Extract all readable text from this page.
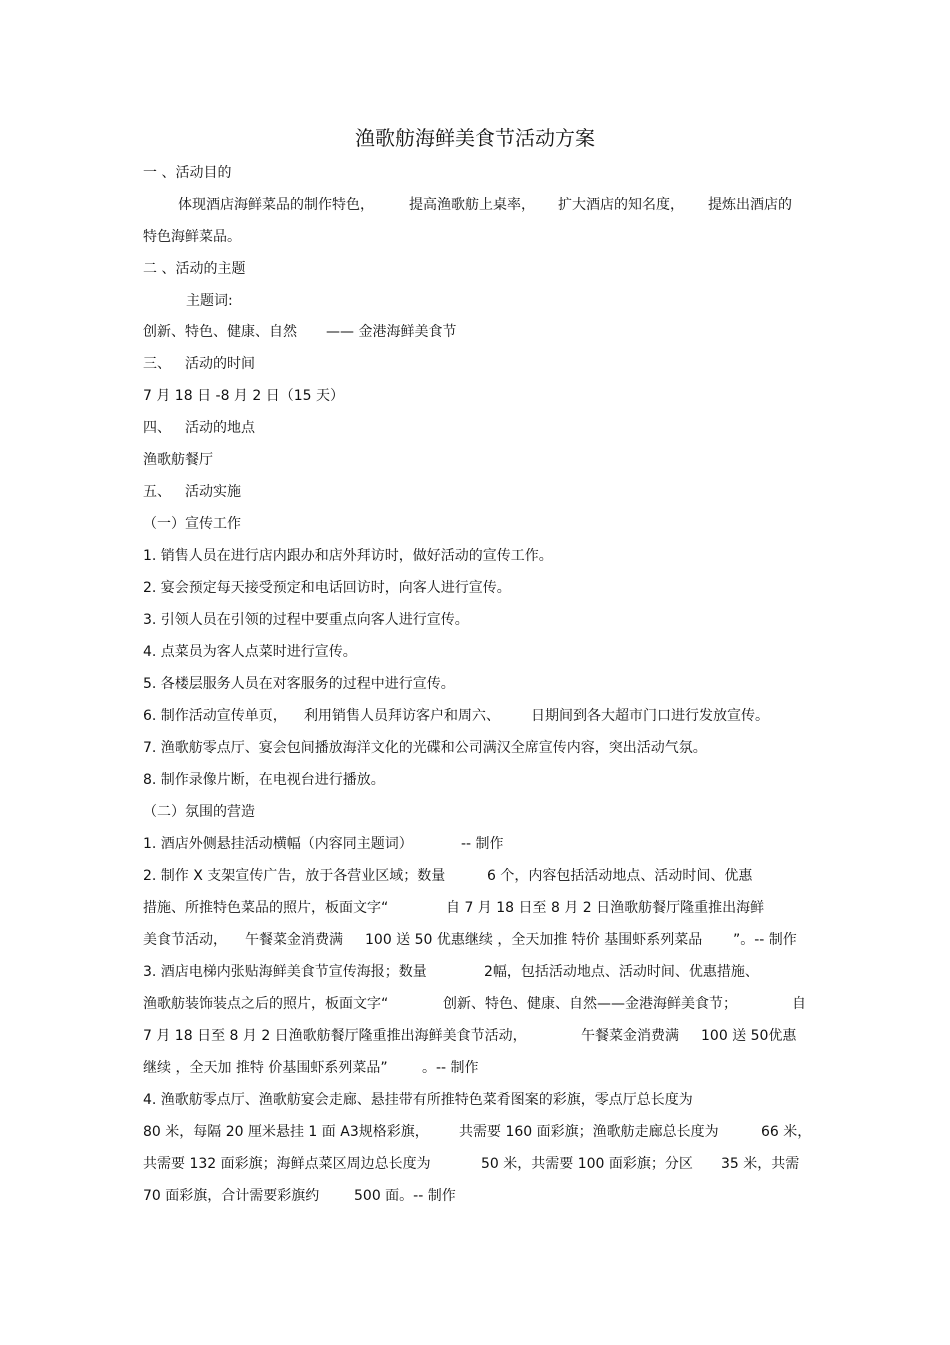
渔歌舫海鲜美食节活动方案
一 、活动目的
体现酒店海鲜菜品的制作特色，	提高渔歌舫上桌率， 扩大酒店的知名度， 提炼出酒店的
特色海鲜菜品。
二 、活动的主题
主题词:
创新、特色、健康、自然 —— 金港海鲜美食节
三、 活动的时间
7 月 18 日 -8 月 2 日（15 天）
四、 活动的地点
渔歌舫餐厅
五、 活动实施
（一）宣传工作
1. 销售人员在进行店内跟办和店外拜访时，做好活动的宣传工作。
2. 宴会预定每天接受预定和电话回访时，向客人进行宣传。
3. 引领人员在引领的过程中要重点向客人进行宣传。
4. 点菜员为客人点菜时进行宣传。
5. 各楼层服务人员在对客服务的过程中进行宣传。
6. 制作活动宣传单页， 利用销售人员拜访客户和周六、 日期间到各大超市门口进行发放宣传。
7. 渔歌舫零点厅、宴会包间播放海洋文化的光碟和公司满汉全席宣传内容，突出活动气氛。
8. 制作录像片断，在电视台进行播放。
（二）氛围的营造
1. 酒店外侧悬挂活动横幅（内容同主题词）	-- 制作
2. 制作 X 支架宣传广告，放于各营业区域；数量	6 个，内容包括活动地点、活动时间、优惠
措施、所推特色菜品的照片，板面文字“	自 7 月 18 日至 8 月 2 日渔歌舫餐厅隆重推出海鲜
美食节活动， 午餐菜金消费满 100 送 50 优惠继续 ，全天加推 特价 基围虾系列菜品 ”。-- 制作
3. 酒店电梯内张贴海鲜美食节宣传海报；数量	2幅，包括活动地点、活动时间、优惠措施、
渔歌舫装饰装点之后的照片，板面文字“	创新、特色、健康、自然——金港海鲜美食节；	自
7 月 18 日至 8 月 2 日渔歌舫餐厅隆重推出海鲜美食节活动，	午餐菜金消费满 100 送 50优惠
继续 ，全天加 推特 价基围虾系列菜品” 。-- 制作
4. 渔歌舫零点厅、渔歌舫宴会走廊、悬挂带有所推特色菜肴图案的彩旗，零点厅总长度为
80 米，每隔 20 厘米悬挂 1 面 A3规格彩旗， 共需要 160 面彩旗；渔歌舫走廊总长度为	66 米，
共需要 132 面彩旗；海鲜点菜区周边总长度为	50 米，共需要 100 面彩旗；分区 35 米，共需
70 面彩旗，合计需要彩旗约 500 面。-- 制作
